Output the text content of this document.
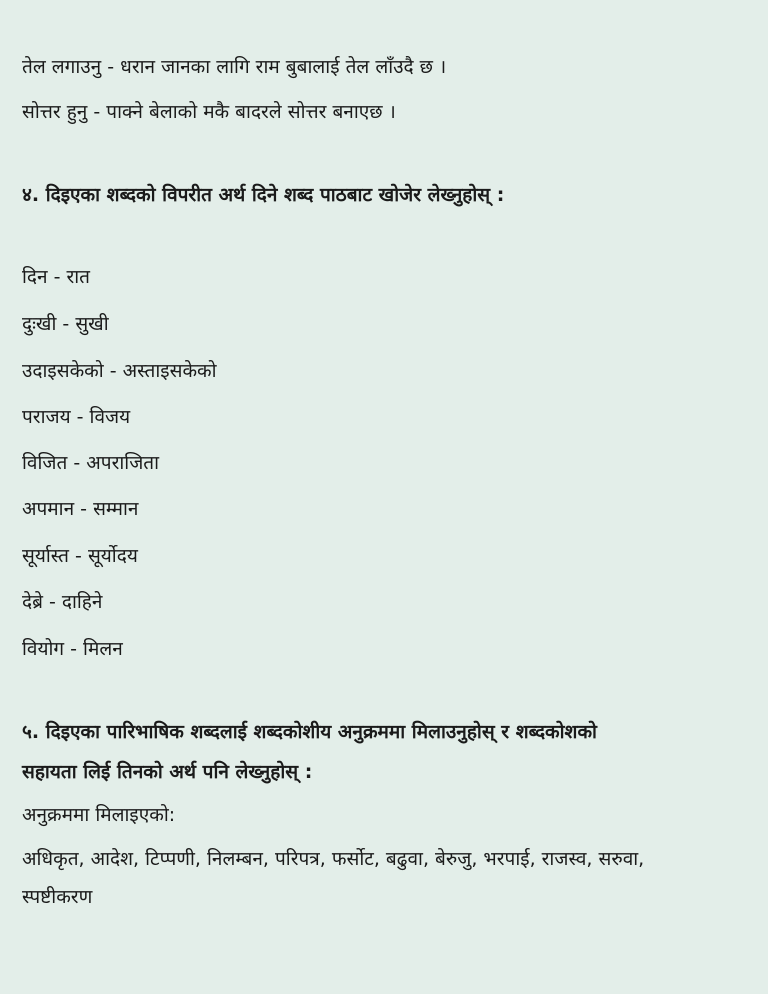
तेल लगाउनु - धरान जानका लागि राम बुबालाई तेल लाँउदै छ ।
सोत्तर हुनु - पाक्ने बेलाको मकै बादरले सोत्तर बनाएछ ।
४. दिइएका शब्दको विपरीत अर्थ दिने शब्द पाठबाट खोजेर लेख्नुहोस् :
दिन - रात
दुःखी - सुखी
उदाइसकेको - अस्ताइसकेको
पराजय - विजय
विजित - अपराजिता
अपमान - सम्मान
सूर्यास्त - सूर्योदय
देब्रे - दाहिने
वियोग - मिलन
५. दिइएका पारिभाषिक शब्दलाई शब्दकोशीय अनुक्रममा मिलाउनुहोस् र शब्दकोशको
सहायता लिई तिनको अर्थ पनि लेख्नुहोस् :
अनुक्रममा मिलाइएको:
अधिकृत, आदेश, टिप्पणी, निलम्बन, परिपत्र, फर्सोट, बढुवा, बेरुजु, भरपाई, राजस्व, सरुवा,
स्पष्टीकरण
